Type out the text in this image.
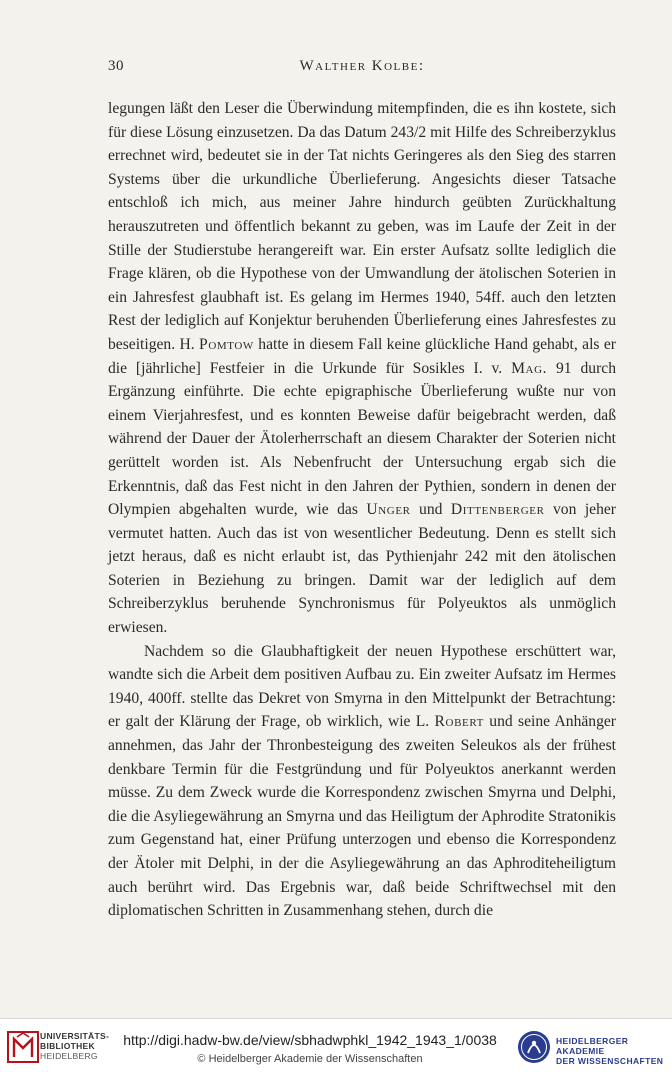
30	Walther Kolbe:

legungen läßt den Leser die Überwindung mitempfinden, die es ihn kostete, sich für diese Lösung einzusetzen. Da das Datum 243/2 mit Hilfe des Schreiberzyklus errechnet wird, bedeutet sie in der Tat nichts Geringeres als den Sieg des starren Systems über die urkundliche Überlieferung. Angesichts dieser Tatsache entschloß ich mich, aus meiner Jahre hindurch geübten Zurückhaltung herauszutreten und öffentlich bekannt zu geben, was im Laufe der Zeit in der Stille der Studierstube herangereift war. Ein erster Aufsatz sollte lediglich die Frage klären, ob die Hypothese von der Umwandlung der ätolischen Soterien in ein Jahresfest glaubhaft ist. Es gelang im Hermes 1940, 54ff. auch den letzten Rest der lediglich auf Konjektur beruhenden Überlieferung eines Jahresfestes zu beseitigen. H. Pomtow hatte in diesem Fall keine glückliche Hand gehabt, als er die [jährliche] Festfeier in die Urkunde für Sosikles I. v. Mag. 91 durch Ergänzung einführte. Die echte epigraphische Überlieferung wußte nur von einem Vierjahresfest, und es konnten Beweise dafür beigebracht werden, daß während der Dauer der Ätolerherrschaft an diesem Charakter der Soterien nicht gerüttelt worden ist. Als Nebenfrucht der Untersuchung ergab sich die Erkenntnis, daß das Fest nicht in den Jahren der Pythien, sondern in denen der Olympien abgehalten wurde, wie das Unger und Dittenberger von jeher vermutet hatten. Auch das ist von wesentlicher Bedeutung. Denn es stellt sich jetzt heraus, daß es nicht erlaubt ist, das Pythienjahr 242 mit den ätolischen Soterien in Beziehung zu bringen. Damit war der lediglich auf dem Schreiberzyklus beruhende Synchronismus für Polyeuktos als unmöglich erwiesen.

Nachdem so die Glaubhaftigkeit der neuen Hypothese erschüttert war, wandte sich die Arbeit dem positiven Aufbau zu. Ein zweiter Aufsatz im Hermes 1940, 400ff. stellte das Dekret von Smyrna in den Mittelpunkt der Betrachtung: er galt der Klärung der Frage, ob wirklich, wie L. Robert und seine Anhänger annehmen, das Jahr der Thronbesteigung des zweiten Seleukos als der frühest denkbare Termin für die Festgründung und für Polyeuktos anerkannt werden müsse. Zu dem Zweck wurde die Korrespondenz zwischen Smyrna und Delphi, die die Asyliegewährung an Smyrna und das Heiligtum der Aphrodite Stratonikis zum Gegenstand hat, einer Prüfung unterzogen und ebenso die Korrespondenz der Ätoler mit Delphi, in der die Asyliegewährung an das Aphroditeheiligtum auch berührt wird. Das Ergebnis war, daß beide Schriftwechsel mit den diplomatischen Schritten in Zusammenhang stehen, durch die

UNIVERSITÄTS-
BIBLIOTHEK
HEIDELBERG
http://digi.hadw-bw.de/view/sbhadwphkl_1942_1943_1/0038
© Heidelberger Akademie der Wissenschaften
HEIDELBERGER AKADEMIE
DER WISSENSCHAFTEN
